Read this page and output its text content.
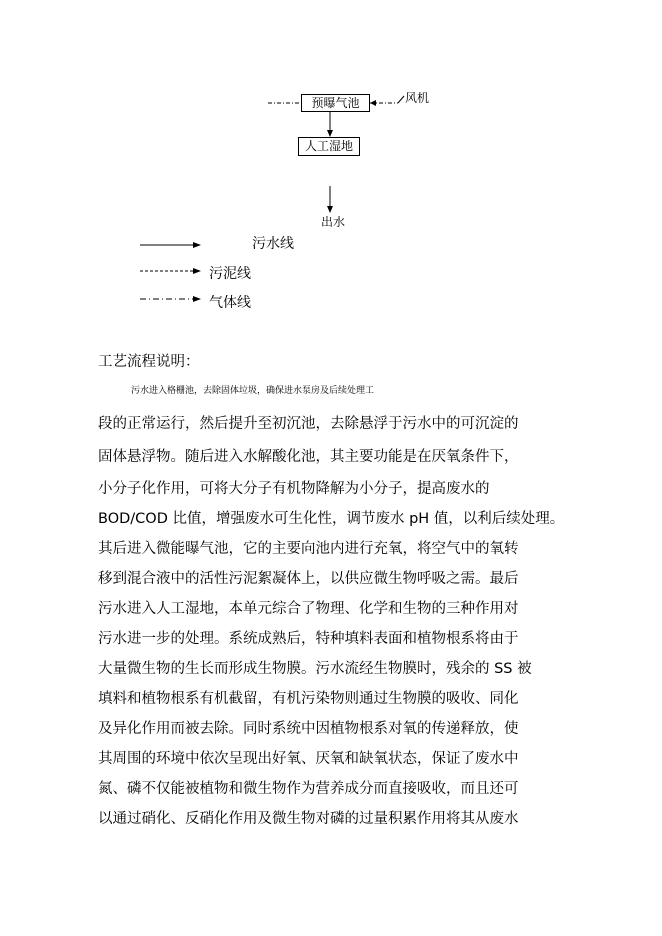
预曝气池
人工湿地
风机
出水
污水线
污泥线
气体线
工艺流程说明：
污水进入格栅池，去除固体垃圾，确保进水泵房及后续处理工
段的正常运行，然后提升至初沉池，去除悬浮于污水中的可沉淀的
固体悬浮物。随后进入水解酸化池，其主要功能是在厌氧条件下，
小分子化作用，可将大分子有机物降解为小分子，提高废水的
BOD/COD 比值，增强废水可生化性，调节废水 pH 值，以利后续处理。
其后进入微能曝气池，它的主要向池内进行充氧，将空气中的氧转
移到混合液中的活性污泥絮凝体上，以供应微生物呼吸之需。最后
污水进入人工湿地，本单元综合了物理、化学和生物的三种作用对
污水进一步的处理。系统成熟后，特种填料表面和植物根系将由于
大量微生物的生长而形成生物膜。污水流经生物膜时，残余的 SS 被
填料和植物根系有机截留，有机污染物则通过生物膜的吸收、同化
及异化作用而被去除。同时系统中因植物根系对氧的传递释放，使
其周围的环境中依次呈现出好氧、厌氧和缺氧状态，保证了废水中
氮、磷不仅能被植物和微生物作为营养成分而直接吸收，而且还可
以通过硝化、反硝化作用及微生物对磷的过量积累作用将其从废水
